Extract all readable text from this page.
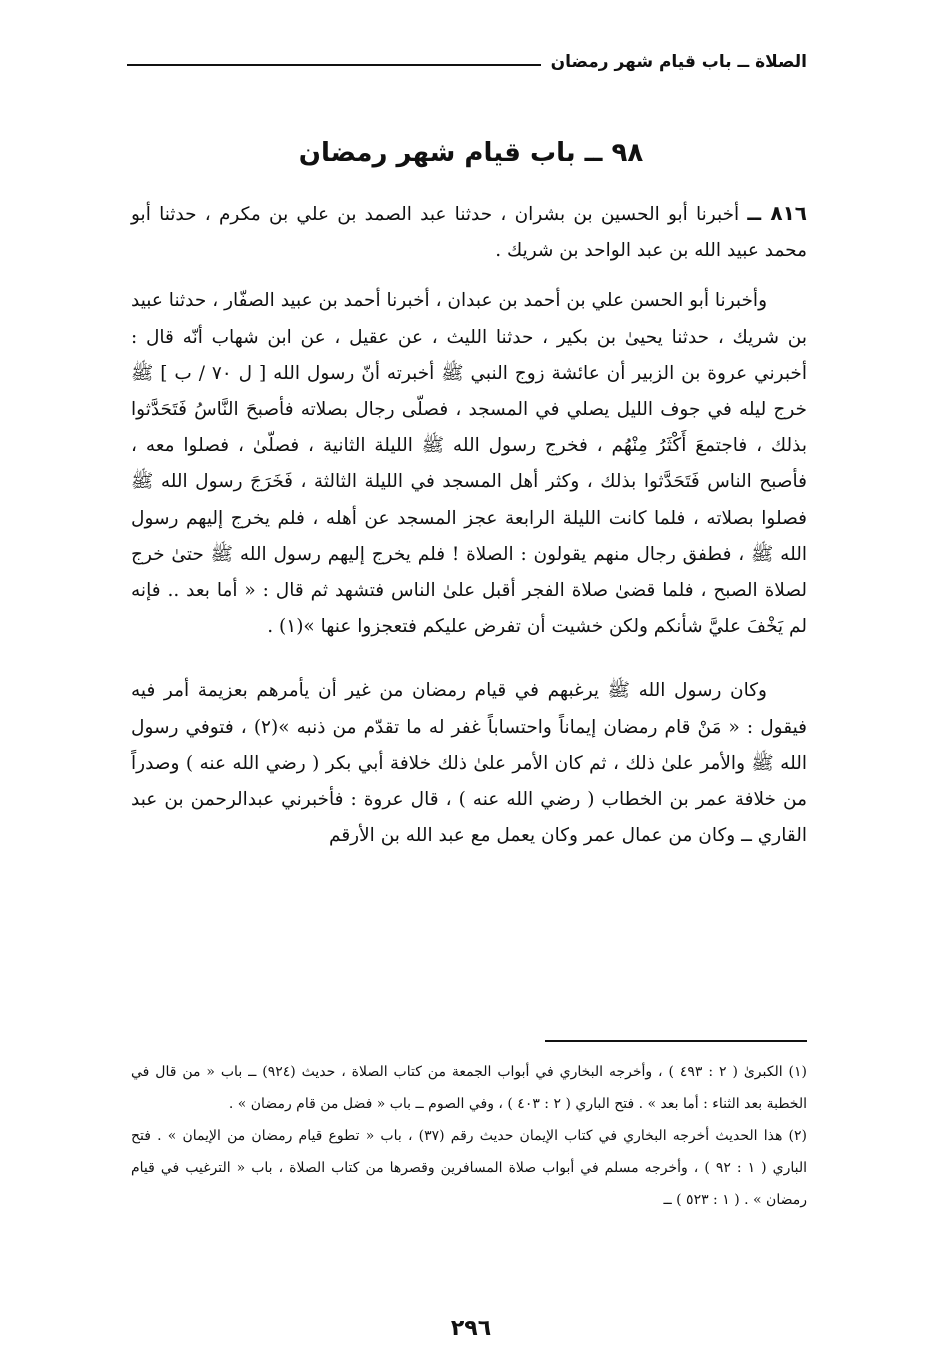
الصلاة ــ باب قيام شهر رمضان
٩٨ ــ باب قيام شهر رمضان

٨١٦ ــ أخبرنا أبو الحسين بن بشران ، حدثنا عبد الصمد بن علي بن مكرم ، حدثنا أبو محمد عبيد الله بن عبد الواحد بن شريك .

وأخبرنا أبو الحسن علي بن أحمد بن عبدان ، أخبرنا أحمد بن عبيد الصفّار ، حدثنا عبيد بن شريك ، حدثنا يحيىٰ بن بكير ، حدثنا الليث ، عن عقيل ، عن ابن شهاب أنّه قال : أخبرني عروة بن الزبير أن عائشة زوج النبي ﷺ أخبرته أنّ رسول الله [ ل ٧٠ / ب ] ﷺ خرج ليله في جوف الليل يصلي في المسجد ، فصلّى رجال بصلاته فأصبحَ النَّاسُ فَتَحَدَّثوا بذلك ، فاجتمعَ أَكْثَرُ مِنْهُم ، فخرج رسول الله ﷺ الليلة الثانية ، فصلّىٰ ، فصلوا معه ، فأصبح الناس فَتَحَدَّثوا بذلك ، وكثر أهل المسجد في الليلة الثالثة ، فَخَرَجَ رسول الله ﷺ فصلوا بصلاته ، فلما كانت الليلة الرابعة عجز المسجد عن أهله ، فلم يخرج إليهم رسول الله ﷺ ، فطفق رجال منهم يقولون : الصلاة ! فلم يخرج إليهم رسول الله ﷺ حتىٰ خرج لصلاة الصبح ، فلما قضىٰ صلاة الفجر أقبل علىٰ الناس فتشهد ثم قال : « أما بعد .. فإنه لم يَخْفَ عليَّ شأنكم ولكن خشيت أن تفرض عليكم فتعجزوا عنها »(١) .

وكان رسول الله ﷺ يرغبهم في قيام رمضان من غير أن يأمرهم بعزيمة أمر فيه فيقول : « مَنْ قام رمضان إيماناً واحتساباً غفر له ما تقدّم من ذنبه »(٢) ، فتوفي رسول الله ﷺ والأمر علىٰ ذلك ، ثم كان الأمر علىٰ ذلك خلافة أبي بكر ( رضي الله عنه ) وصدراً من خلافة عمر بن الخطاب ( رضي الله عنه ) ، قال عروة : فأخبرني عبدالرحمن بن عبد القاري ــ وكان من عمال عمر وكان يعمل مع عبد الله بن الأرقم

(١) الكبرىٰ ( ٢ : ٤٩٣ ) ، وأخرجه البخاري في أبواب الجمعة من كتاب الصلاة ، حديث (٩٢٤) ــ باب « من قال في الخطبة بعد الثناء : أما بعد » . فتح الباري ( ٢ : ٤٠٣ ) ، وفي الصوم ــ باب « فضل من قام رمضان » .

(٢) هذا الحديث أخرجه البخاري في كتاب الإيمان حديث رقم (٣٧) ، باب « تطوع قيام رمضان من الإيمان » . فتح الباري ( ١ : ٩٢ ) ، وأخرجه مسلم في أبواب صلاة المسافرين وقصرها من كتاب الصلاة ، باب « الترغيب في قيام رمضان » . ( ١ : ٥٢٣ ) ــ

٢٩٦
